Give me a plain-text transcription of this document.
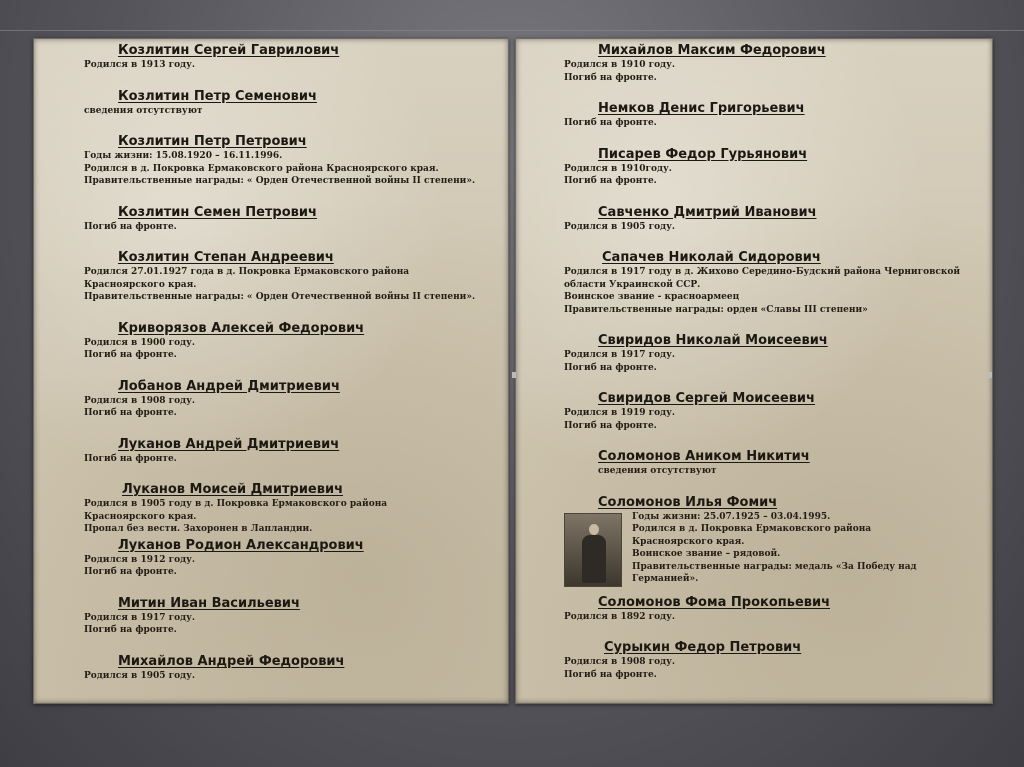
Козлитин Сергей Гаврилович
Родился в 1913 году.
Козлитин Петр Семенович
сведения отсутствуют
Козлитин Петр Петрович
Годы жизни: 15.08.1920 – 16.11.1996.
Родился в д. Покровка Ермаковского района Красноярского края.
Правительственные награды: « Орден Отечественной войны II степени».
Козлитин Семен Петрович
Погиб на фронте.
Козлитин Степан Андреевич
Родился 27.01.1927 года в д. Покровка Ермаковского района
Красноярского края.
Правительственные награды: « Орден Отечественной войны II степени».
Криворязов Алексей Федорович
Родился в 1900 году.
Погиб на фронте.
Лобанов Андрей Дмитриевич
Родился в 1908 году.
Погиб на фронте.
Луканов Андрей Дмитриевич
Погиб на фронте.
Луканов Моисей Дмитриевич
Родился в 1905 году в д. Покровка Ермаковского района
Красноярского края.
Пропал без вести. Захоронен в Лапландии.
Луканов Родион Александрович
Родился в 1912 году.
Погиб на фронте.
Митин Иван Васильевич
Родился в 1917 году.
Погиб на фронте.
Михайлов Андрей Федорович
Родился в 1905 году.
Михайлов Максим Федорович
Родился в 1910 году.
Погиб на фронте.
Немков Денис Григорьевич
Погиб на фронте.
Писарев Федор Гурьянович
Родился в 1910году.
Погиб на фронте.
Савченко Дмитрий Иванович
Родился в 1905 году.
Сапачев Николай Сидорович
Родился в 1917 году в д. Жихово Середино-Будский района Черниговской
области Украинской ССР.
Воинское звание - красноармеец
Правительственные награды: орден «Славы III степени»
Свиридов Николай Моисеевич
Родился в 1917 году.
Погиб на фронте.
Свиридов Сергей Моисеевич
Родился в 1919 году.
Погиб на фронте.
Соломонов Аником Никитич
сведения отсутствуют
Соломонов Илья Фомич
Годы жизни: 25.07.1925 – 03.04.1995.
Родился в д. Покровка Ермаковского района
Красноярского края.
Воинское звание – рядовой.
Правительственные награды: медаль «За Победу над
Германией».
Соломонов Фома Прокопьевич
Родился в 1892 году.
Сурыкин Федор Петрович
Родился в 1908 году.
Погиб на фронте.
